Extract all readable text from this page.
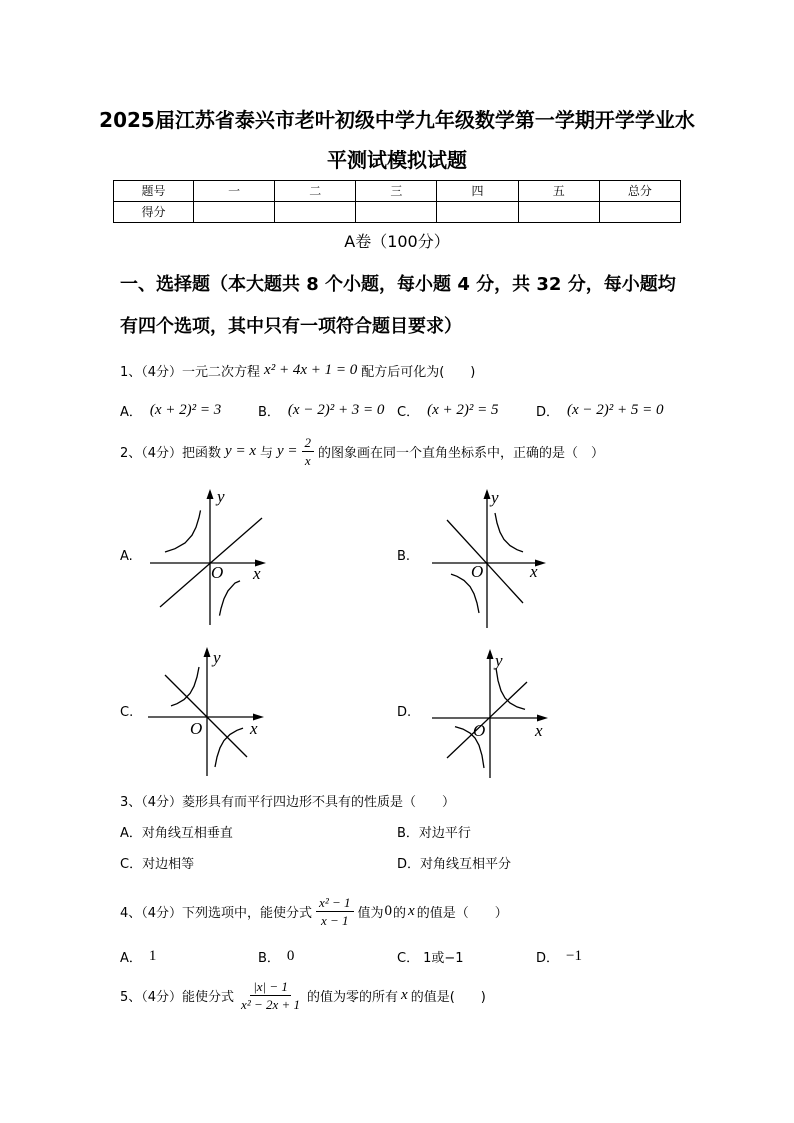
2025届江苏省泰兴市老叶初级中学九年级数学第一学期开学学业水
平测试模拟试题
题号	一	二	三	四	五	总分
得分						
A卷（100分）
一、选择题（本大题共 8 个小题，每小题 4 分，共 32 分，每小题均
有四个选项，其中只有一项符合题目要求）
1、（4分）一元二次方程 x² + 4x + 1 = 0 配方后可化为(　　)
A． (x + 2)² = 3	B． (x − 2)² + 3 = 0 C． (x + 2)² = 5	D． (x − 2)² + 5 = 0
2、（4分）把函数 y = x 与 $y = \frac{2}{x}$ 的图象画在同一个直角坐标系中，正确的是（　）
A.	B.
C.	D.
y
x
O
y
x
O
y
x
O
y
x
O
3、（4分）菱形具有而平行四边形不具有的性质是（　　）
A． 对角线互相垂直	B． 对边平行
C． 对边相等	D． 对角线互相平分
4、（4分）下列选项中，能使分式 $\frac{\text{x² − 1}}{x - 1}$ 值为 0 的 x 的值是（　　）
A． 1	B． 0	C． 1或−1	D． −1
5、（4分）能使分式 $\frac{|x| - 1}{\text{x² − 2x + 1}}$ 的值为零的所有 x 的值是(　　)
